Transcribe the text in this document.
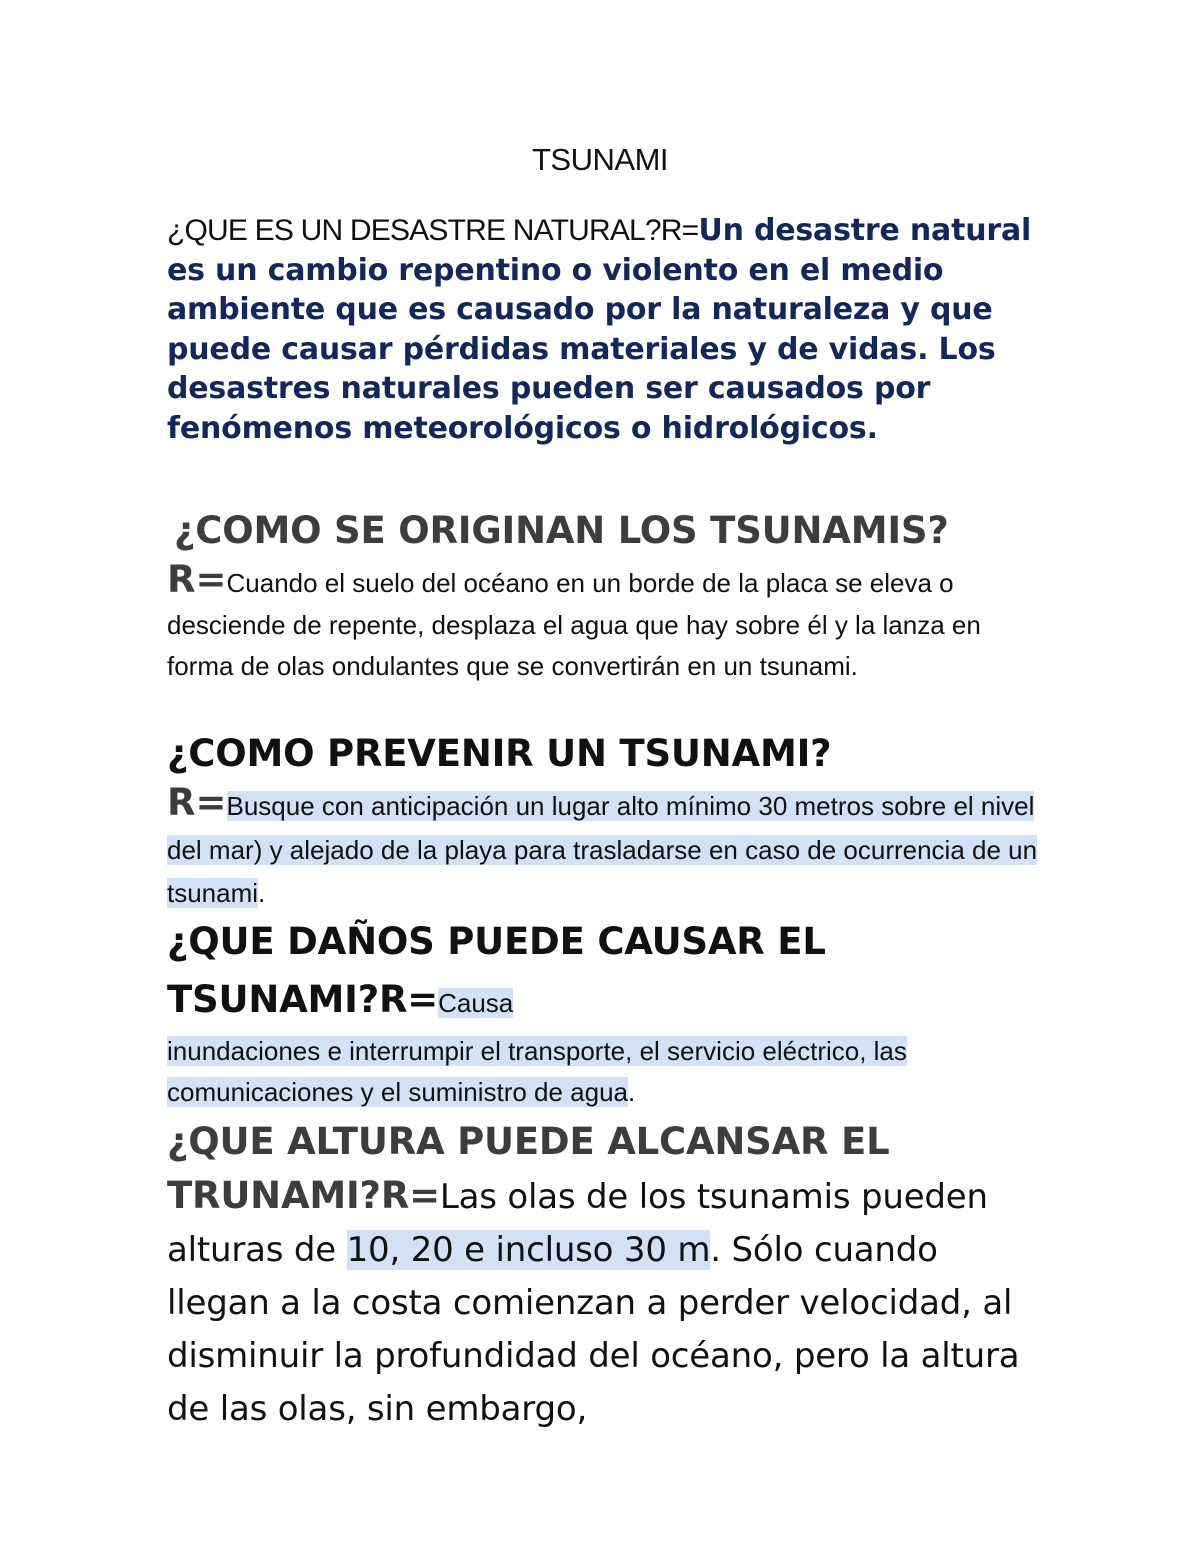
TSUNAMI

¿QUE ES UN DESASTRE NATURAL?R=Un desastre natural es un cambio repentino o violento en el medio ambiente que es causado por la naturaleza y que puede causar pérdidas materiales y de vidas. Los desastres naturales pueden ser causados por fenómenos meteorológicos o hidrológicos.

¿COMO SE ORIGINAN LOS TSUNAMIS?

R=Cuando el suelo del océano en un borde de la placa se eleva o desciende de repente, desplaza el agua que hay sobre él y la lanza en forma de olas ondulantes que se convertirán en un tsunami.

¿COMO PREVENIR UN TSUNAMI?

R=Busque con anticipación un lugar alto mínimo 30 metros sobre el nivel del mar) y alejado de la playa para trasladarse en caso de ocurrencia de un tsunami.

¿QUE DAÑOS PUEDE CAUSAR EL TSUNAMI?R=Causa

inundaciones e interrumpir el transporte, el servicio eléctrico, las comunicaciones y el suministro de agua.

¿QUE ALTURA PUEDE ALCANSAR EL TRUNAMI?R=Las olas de los tsunamis pueden alturas de 10, 20 e incluso 30 m. Sólo cuando llegan a la costa comienzan a perder velocidad, al disminuir la profundidad del océano, pero la altura de las olas, sin embargo,
